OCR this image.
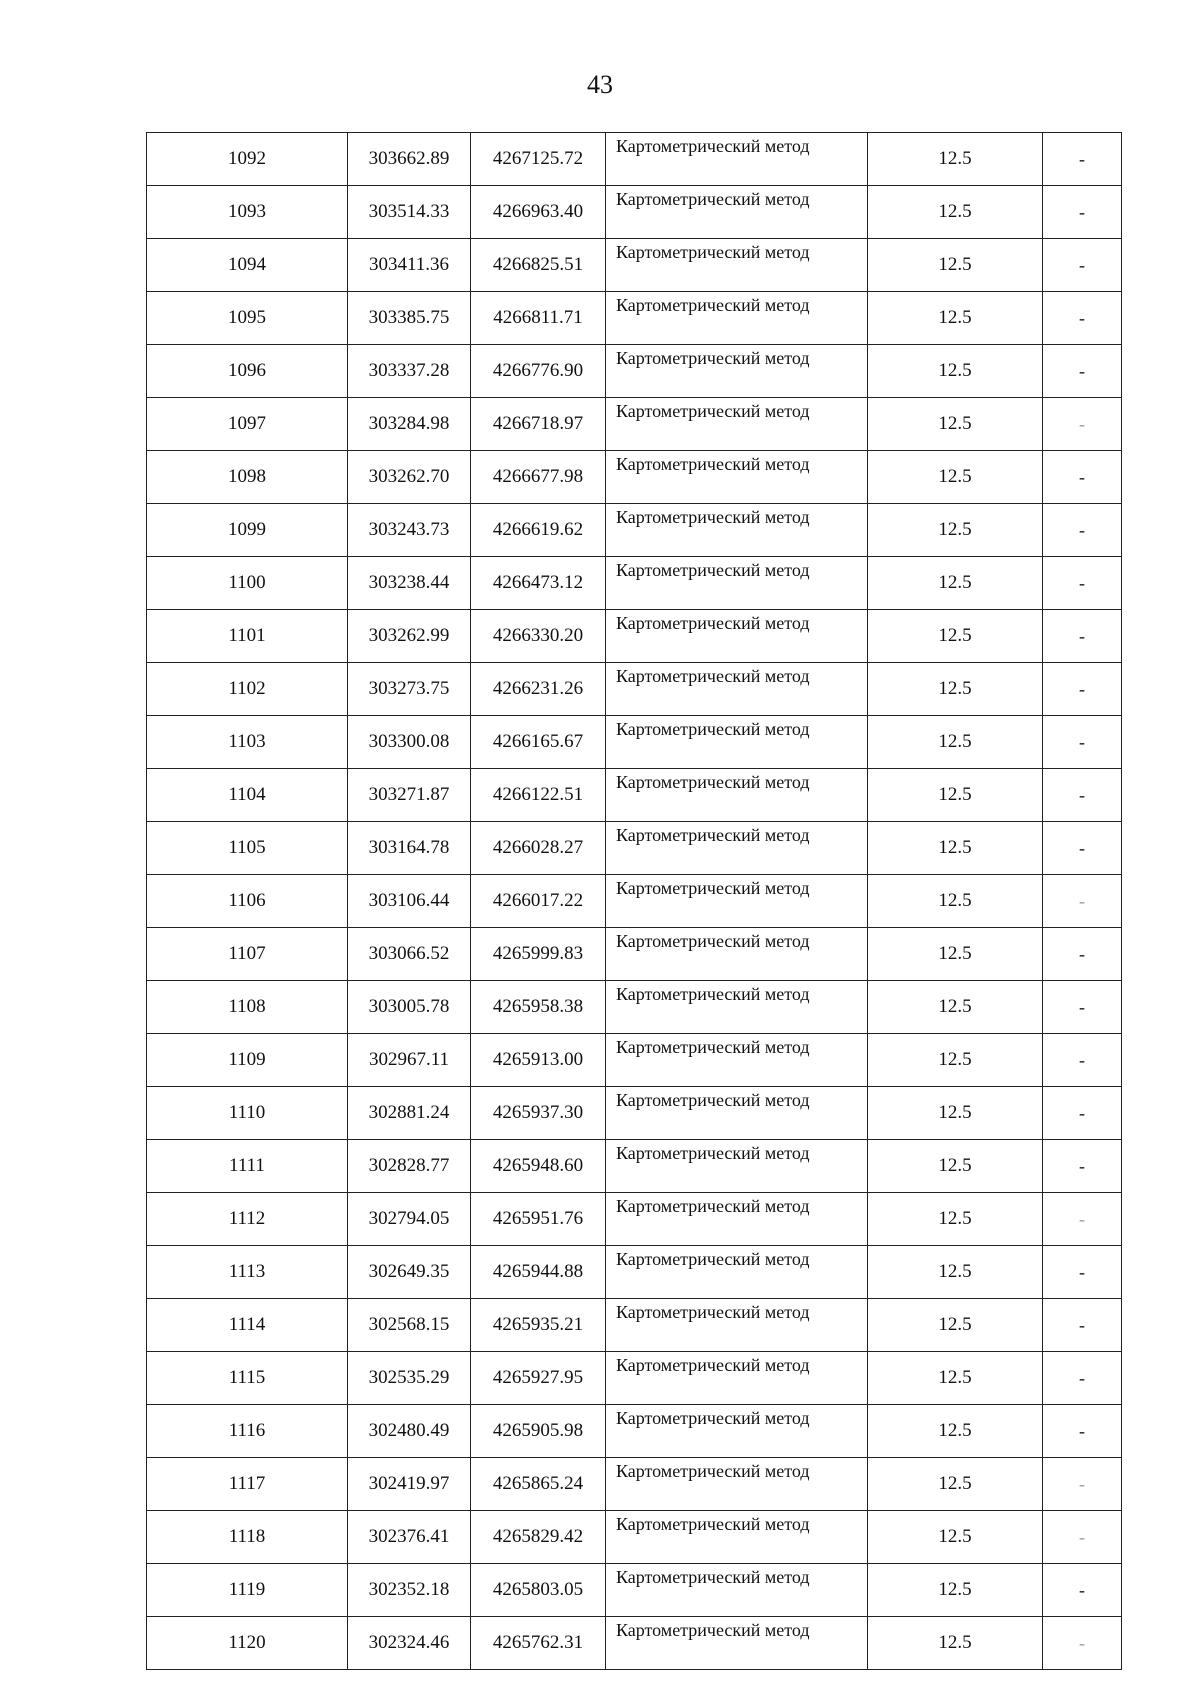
43
1092	303662.89	4267125.72	Картометрический метод	12.5	-
1093	303514.33	4266963.40	Картометрический метод	12.5	-
1094	303411.36	4266825.51	Картометрический метод	12.5	-
1095	303385.75	4266811.71	Картометрический метод	12.5	-
1096	303337.28	4266776.90	Картометрический метод	12.5	-
1097	303284.98	4266718.97	Картометрический метод	12.5	-
1098	303262.70	4266677.98	Картометрический метод	12.5	-
1099	303243.73	4266619.62	Картометрический метод	12.5	-
1100	303238.44	4266473.12	Картометрический метод	12.5	-
1101	303262.99	4266330.20	Картометрический метод	12.5	-
1102	303273.75	4266231.26	Картометрический метод	12.5	-
1103	303300.08	4266165.67	Картометрический метод	12.5	-
1104	303271.87	4266122.51	Картометрический метод	12.5	-
1105	303164.78	4266028.27	Картометрический метод	12.5	-
1106	303106.44	4266017.22	Картометрический метод	12.5	-
1107	303066.52	4265999.83	Картометрический метод	12.5	-
1108	303005.78	4265958.38	Картометрический метод	12.5	-
1109	302967.11	4265913.00	Картометрический метод	12.5	-
1110	302881.24	4265937.30	Картометрический метод	12.5	-
1111	302828.77	4265948.60	Картометрический метод	12.5	-
1112	302794.05	4265951.76	Картометрический метод	12.5	-
1113	302649.35	4265944.88	Картометрический метод	12.5	-
1114	302568.15	4265935.21	Картометрический метод	12.5	-
1115	302535.29	4265927.95	Картометрический метод	12.5	-
1116	302480.49	4265905.98	Картометрический метод	12.5	-
1117	302419.97	4265865.24	Картометрический метод	12.5	-
1118	302376.41	4265829.42	Картометрический метод	12.5	-
1119	302352.18	4265803.05	Картометрический метод	12.5	-
1120	302324.46	4265762.31	Картометрический метод	12.5	-
